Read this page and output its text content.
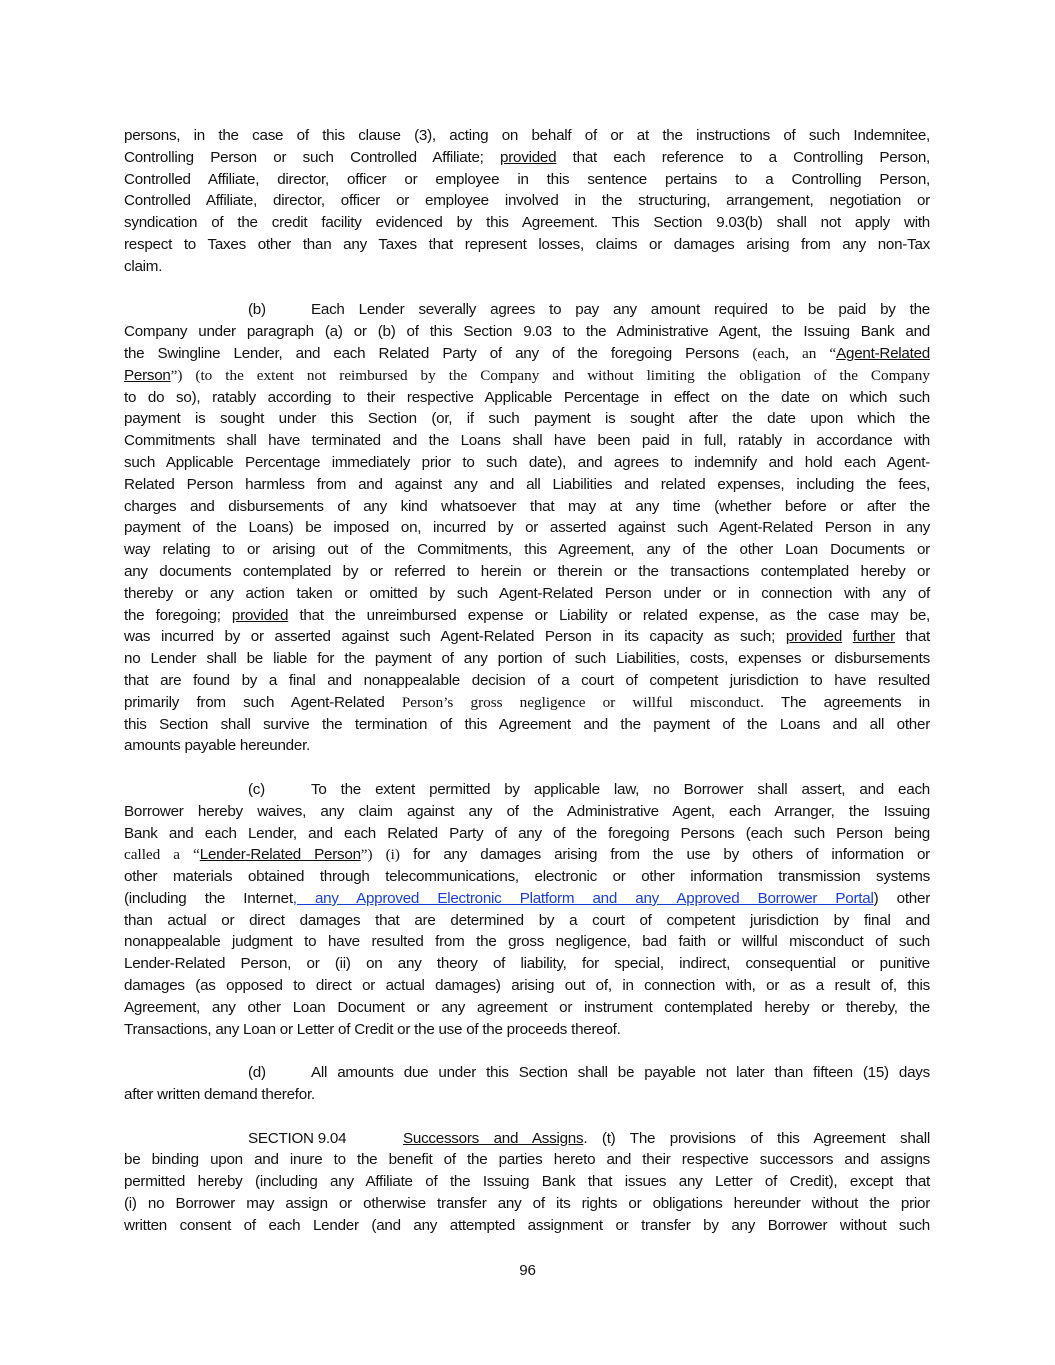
persons, in the case of this clause (3), acting on behalf of or at the instructions of such Indemnitee,
Controlling Person or such Controlled Affiliate; provided that each reference to a Controlling Person,
Controlled Affiliate, director, officer or employee in this sentence pertains to a Controlling Person,
Controlled Affiliate, director, officer or employee involved in the structuring, arrangement, negotiation or
syndication of the credit facility evidenced by this Agreement. This Section 9.03(b) shall not apply with
respect to Taxes other than any Taxes that represent losses, claims or damages arising from any non-Tax
claim.
(b)	Each Lender severally agrees to pay any amount required to be paid by the
Company under paragraph (a) or (b) of this Section 9.03 to the Administrative Agent, the Issuing Bank and
the Swingline Lender, and each Related Party of any of the foregoing Persons (each, an “Agent-Related
Person”) (to the extent not reimbursed by the Company and without limiting the obligation of the Company
to do so), ratably according to their respective Applicable Percentage in effect on the date on which such
payment is sought under this Section (or, if such payment is sought after the date upon which the
Commitments shall have terminated and the Loans shall have been paid in full, ratably in accordance with
such Applicable Percentage immediately prior to such date), and agrees to indemnify and hold each Agent-
Related Person harmless from and against any and all Liabilities and related expenses, including the fees,
charges and disbursements of any kind whatsoever that may at any time (whether before or after the
payment of the Loans) be imposed on, incurred by or asserted against such Agent-Related Person in any
way relating to or arising out of the Commitments, this Agreement, any of the other Loan Documents or
any documents contemplated by or referred to herein or therein or the transactions contemplated hereby or
thereby or any action taken or omitted by such Agent-Related Person under or in connection with any of
the foregoing; provided that the unreimbursed expense or Liability or related expense, as the case may be,
was incurred by or asserted against such Agent-Related Person in its capacity as such; provided further that
no Lender shall be liable for the payment of any portion of such Liabilities, costs, expenses or disbursements
that are found by a final and nonappealable decision of a court of competent jurisdiction to have resulted
primarily from such Agent-Related Person’s gross negligence or willful misconduct. The agreements in
this Section shall survive the termination of this Agreement and the payment of the Loans and all other
amounts payable hereunder.
(c)	To the extent permitted by applicable law, no Borrower shall assert, and each
Borrower hereby waives, any claim against any of the Administrative Agent, each Arranger, the Issuing
Bank and each Lender, and each Related Party of any of the foregoing Persons (each such Person being
called a “Lender-Related Person”) (i) for any damages arising from the use by others of information or
other materials obtained through telecommunications, electronic or other information transmission systems
(including the Internet, any Approved Electronic Platform and any Approved Borrower Portal) other
than actual or direct damages that are determined by a court of competent jurisdiction by final and
nonappealable judgment to have resulted from the gross negligence, bad faith or willful misconduct of such
Lender-Related Person, or (ii) on any theory of liability, for special, indirect, consequential or punitive
damages (as opposed to direct or actual damages) arising out of, in connection with, or as a result of, this
Agreement, any other Loan Document or any agreement or instrument contemplated hereby or thereby, the
Transactions, any Loan or Letter of Credit or the use of the proceeds thereof.
(d)	All amounts due under this Section shall be payable not later than fifteen (15) days
after written demand therefor.
SECTION 9.04	Successors and Assigns. (t) The provisions of this Agreement shall
be binding upon and inure to the benefit of the parties hereto and their respective successors and assigns
permitted hereby (including any Affiliate of the Issuing Bank that issues any Letter of Credit), except that
(i) no Borrower may assign or otherwise transfer any of its rights or obligations hereunder without the prior
written consent of each Lender (and any attempted assignment or transfer by any Borrower without such
96
